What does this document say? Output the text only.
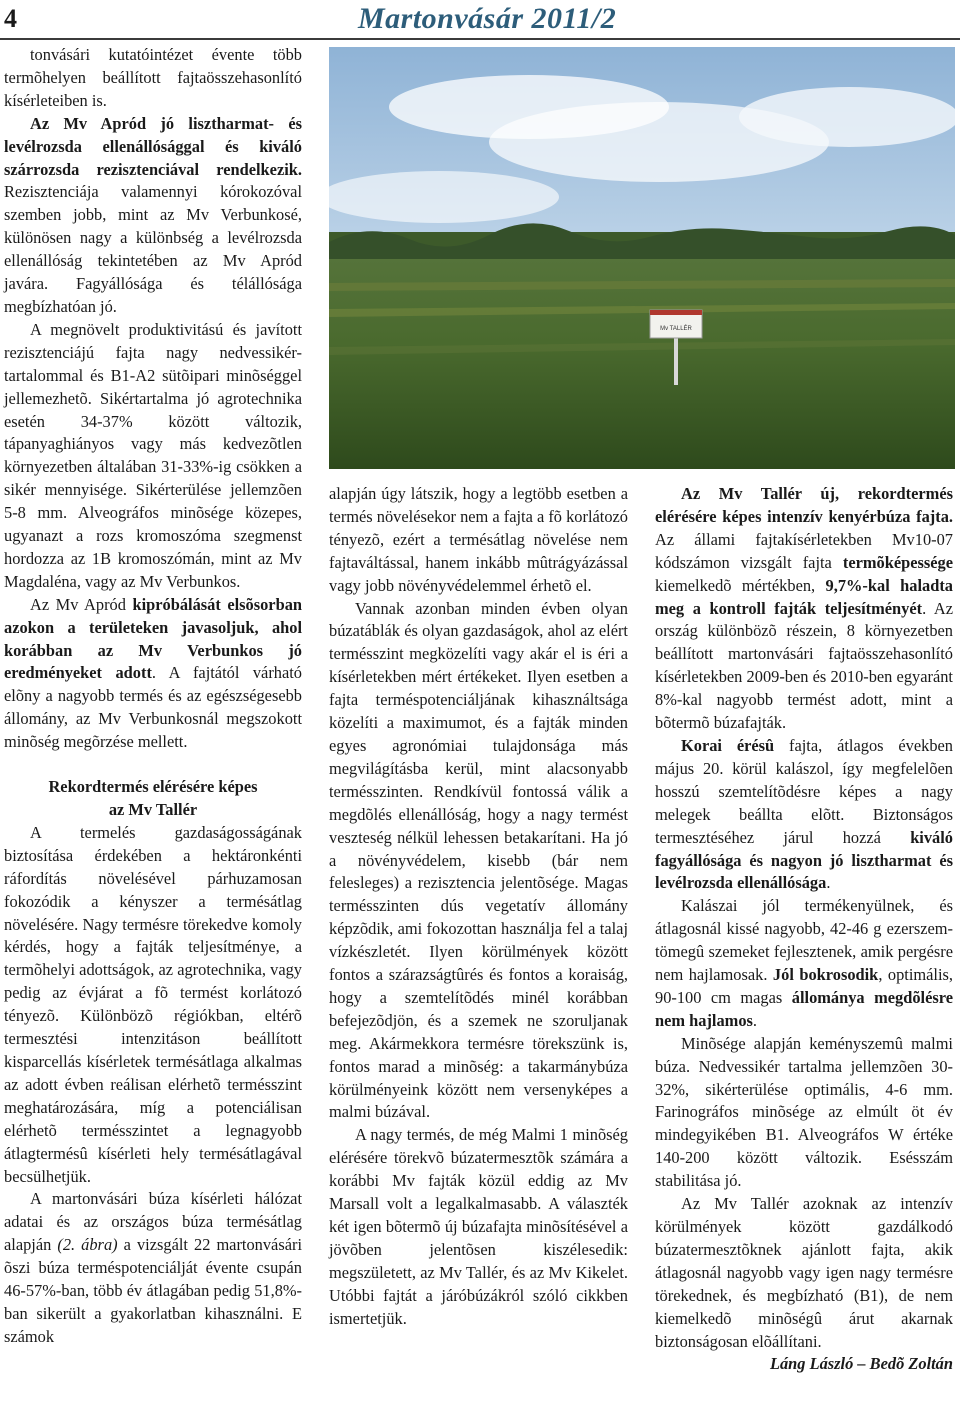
4	Martonvásár 2011/2

tonvásári kutatóintézet évente több termõhelyen beállított fajtaösszehasonlító kísérleteiben is.

Az Mv Apród jó lisztharmat- és levélrozsda ellenállósággal és kiváló szárrozsda rezisztenciával rendelkezik. Rezisztenciája valamennyi kórokozóval szemben jobb, mint az Mv Verbunkosé, különösen nagy a különbség a levélrozsda ellenállóság tekintetében az Mv Apród javára. Fagyállósága és télállósága megbízhatóan jó.

A megnövelt produktivitású és javított rezisztenciájú fajta nagy nedvessikér-tartalommal és B1-A2 sütõipari minõséggel jellemezhetõ. Sikértartalma jó agrotechnika esetén 34-37% között változik, tápanyaghiányos vagy más kedvezõtlen környezetben általában 31-33%-ig csökken a sikér mennyisége. Sikérterülése jellemzõen 5-8 mm. Alveográfos minõsége közepes, ugyanazt a rozs kromoszóma szegmenst hordozza az 1B kromoszómán, mint az Mv Magdaléna, vagy az Mv Verbunkos.

Az Mv Apród kipróbálását elsõsorban azokon a területeken javasoljuk, ahol korábban az Mv Verbunkos jó eredményeket adott. A fajtától várható elõny a nagyobb termés és az egészségesebb állomány, az Mv Verbunkosnál megszokott minõség megõrzése mellett.

Rekordtermés elérésére képes
az Mv Tallér

A termelés gazdaságosságának biztosítása érdekében a hektáronkénti ráfordítás növelésével párhuzamosan fokozódik a kényszer a termésátlag növelésére. Nagy termésre törekedve komoly kérdés, hogy a fajták teljesítménye, a termõhelyi adottságok, az agrotechnika, vagy pedig az évjárat a fõ termést korlátozó tényezõ. Különbözõ régiókban, eltérõ termesztési intenzitáson beállított kisparcellás kísérletek termésátlaga alkalmas az adott évben reálisan elérhetõ termésszint meghatározására, míg a potenciálisan elérhetõ termésszintet a legnagyobb átlagtermésû kísérleti hely termésátlagával becsülhetjük.

A martonvásári búza kísérleti hálózat adatai és az országos búza termésátlag alapján (2. ábra) a vizsgált 22 martonvásári õszi búza terméspotenciálját évente csupán 46-57%-ban, több év átlagában pedig 51,8%-ban sikerült a gyakorlatban kihasználni. E számok

Mv TALLÉR

alapján úgy látszik, hogy a legtöbb esetben a termés növelésekor nem a fajta a fõ korlátozó tényezõ, ezért a termésátlag növelése nem fajtaváltással, hanem inkább mûtrágyázással vagy jobb növényvédelemmel érhetõ el.

Vannak azonban minden évben olyan búzatáblák és olyan gazdaságok, ahol az elért termésszint megközelíti vagy akár el is éri a kísérletekben mért értékeket. Ilyen esetben a fajta terméspotenciáljának kihasználtsága közelíti a maximumot, és a fajták minden egyes agronómiai tulajdonsága más megvilágításba kerül, mint alacsonyabb termésszinten. Rendkívül fontossá válik a megdõlés ellenállóság, hogy a nagy termést veszteség nélkül lehessen betakarítani. Ha jó a növényvédelem, kisebb (bár nem felesleges) a rezisztencia jelentõsége. Magas termésszinten dús vegetatív állomány képzõdik, ami fokozottan használja fel a talaj vízkészletét. Ilyen körülmények között fontos a szárazságtûrés és fontos a koraiság, hogy a szemtelítõdés minél korábban befejezõdjön, és a szemek ne szoruljanak meg. Akármekkora termésre törekszünk is, fontos marad a minõség: a takarmánybúza körülményeink között nem versenyképes a malmi búzával.

A nagy termés, de még Malmi 1 minõség elérésére törekvõ búzatermesztõk számára a korábbi Mv fajták közül eddig az Mv Marsall volt a legalkalmasabb. A választék két igen bõtermõ új búzafajta minõsítésével a jövõben jelentõsen kiszélesedik: megszületett, az Mv Tallér, és az Mv Kikelet. Utóbbi fajtát a járóbúzákról szóló cikkben ismertetjük.

Az Mv Tallér új, rekordtermés elérésére képes intenzív kenyérbúza fajta. Az állami fajtakísérletekben Mv10-07 kódszámon vizsgált fajta termõképessége kiemelkedõ mértékben, 9,7%-kal haladta meg a kontroll fajták teljesítményét. Az ország különbözõ részein, 8 környezetben beállított martonvásári fajtaösszehasonlító kísérletekben 2009-ben és 2010-ben egyaránt 8%-kal nagyobb termést adott, mint a bõtermõ búzafajták.

Korai érésû fajta, átlagos években május 20. körül kalászol, így megfelelõen hosszú szemtelítõdésre képes a nagy melegek beállta elõtt. Biztonságos termesztéséhez járul hozzá kiváló fagyállósága és nagyon jó lisztharmat és levélrozsda ellenállósága.

Kalászai jól termékenyülnek, és átlagosnál kissé nagyobb, 42-46 g ezerszem-tömegû szemeket fejlesztenek, amik pergésre nem hajlamosak. Jól bokrosodik, optimális, 90-100 cm magas állománya megdõlésre nem hajlamos.

Minõsége alapján keményszemû malmi búza. Nedvessikér tartalma jellemzõen 30-32%, sikérterülése optimális, 4-6 mm. Farinográfos minõsége az elmúlt öt év mindegyikében B1. Alveográfos W értéke 140-200 között változik. Esésszám stabilitása jó.

Az Mv Tallér azoknak az intenzív körülmények között gazdálkodó búzatermesztõknek ajánlott fajta, akik átlagosnál nagyobb vagy igen nagy termésre törekednek, és megbízható (B1), de nem kiemelkedõ minõségû árut akarnak biztonságosan elõállítani.

Láng László – Bedõ Zoltán
